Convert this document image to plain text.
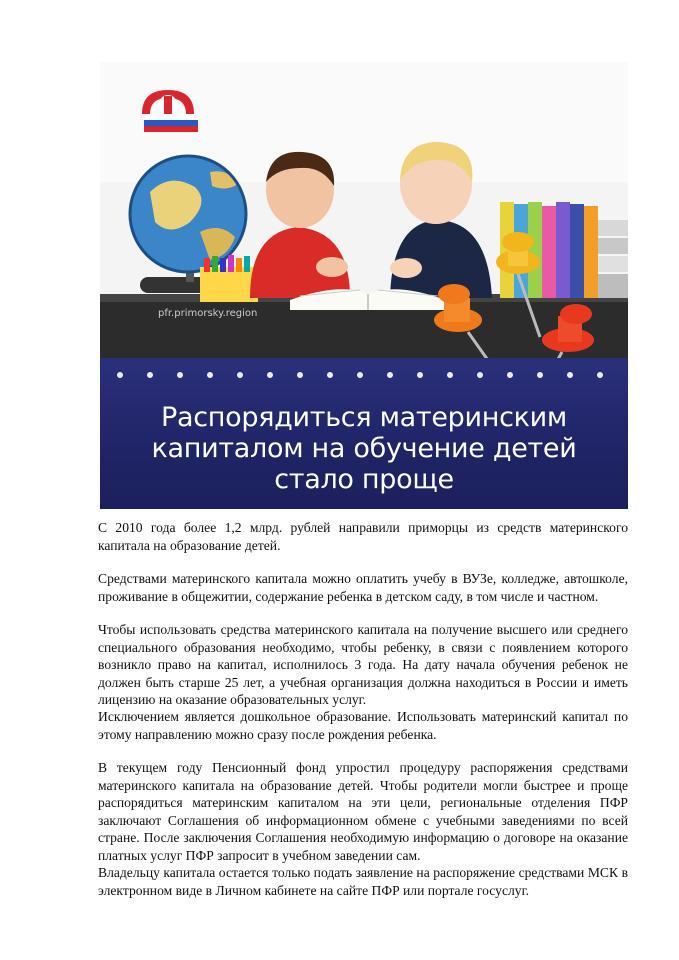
pfr.primorsky.region
Распорядиться материнским капиталом на обучение детей стало проще

С 2010 года более 1,2 млрд. рублей направили приморцы из средств материнского капитала на образование детей.

Средствами материнского капитала можно оплатить учебу в ВУЗе, колледже, автошколе, проживание в общежитии, содержание ребенка в детском саду, в том числе и частном.

Чтобы использовать средства материнского капитала на получение высшего или среднего специального образования необходимо, чтобы ребенку, в связи с появлением которого возникло право на капитал, исполнилось 3 года. На дату начала обучения ребенок не должен быть старше 25 лет, а учебная организация должна находиться в России и иметь лицензию на оказание образовательных услуг.

Исключением является дошкольное образование. Использовать материнский капитал по этому направлению можно сразу после рождения ребенка.

В текущем году Пенсионный фонд упростил процедуру распоряжения средствами материнского капитала на образование детей. Чтобы родители могли быстрее и проще распорядиться материнским капиталом на эти цели, региональные отделения ПФР заключают Соглашения об информационном обмене с учебными заведениями по всей стране. После заключения Соглашения необходимую информацию о договоре на оказание платных услуг ПФР запросит в учебном заведении сам.

Владельцу капитала остается только подать заявление на распоряжение средствами МСК в электронном виде в Личном кабинете на сайте ПФР или портале госуслуг.
